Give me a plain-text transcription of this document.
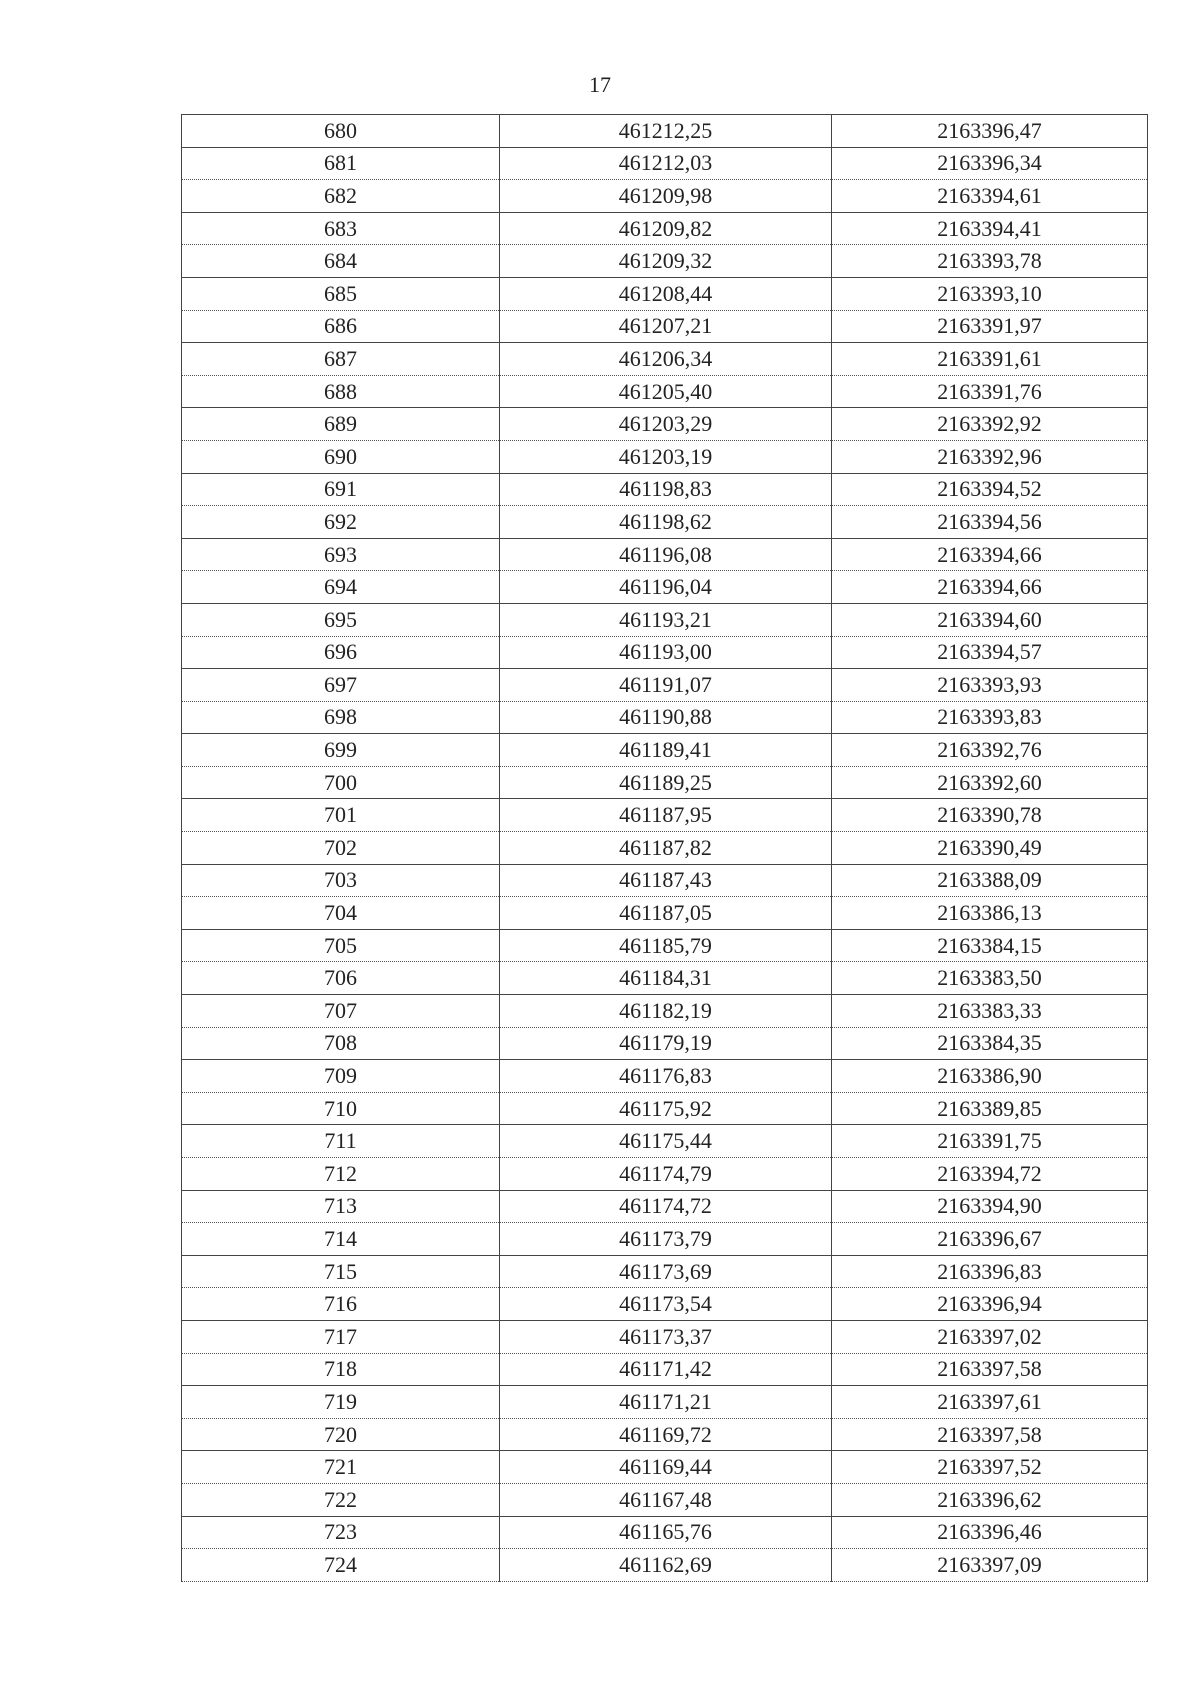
17
680	461212,25	2163396,47
681	461212,03	2163396,34
682	461209,98	2163394,61
683	461209,82	2163394,41
684	461209,32	2163393,78
685	461208,44	2163393,10
686	461207,21	2163391,97
687	461206,34	2163391,61
688	461205,40	2163391,76
689	461203,29	2163392,92
690	461203,19	2163392,96
691	461198,83	2163394,52
692	461198,62	2163394,56
693	461196,08	2163394,66
694	461196,04	2163394,66
695	461193,21	2163394,60
696	461193,00	2163394,57
697	461191,07	2163393,93
698	461190,88	2163393,83
699	461189,41	2163392,76
700	461189,25	2163392,60
701	461187,95	2163390,78
702	461187,82	2163390,49
703	461187,43	2163388,09
704	461187,05	2163386,13
705	461185,79	2163384,15
706	461184,31	2163383,50
707	461182,19	2163383,33
708	461179,19	2163384,35
709	461176,83	2163386,90
710	461175,92	2163389,85
711	461175,44	2163391,75
712	461174,79	2163394,72
713	461174,72	2163394,90
714	461173,79	2163396,67
715	461173,69	2163396,83
716	461173,54	2163396,94
717	461173,37	2163397,02
718	461171,42	2163397,58
719	461171,21	2163397,61
720	461169,72	2163397,58
721	461169,44	2163397,52
722	461167,48	2163396,62
723	461165,76	2163396,46
724	461162,69	2163397,09
